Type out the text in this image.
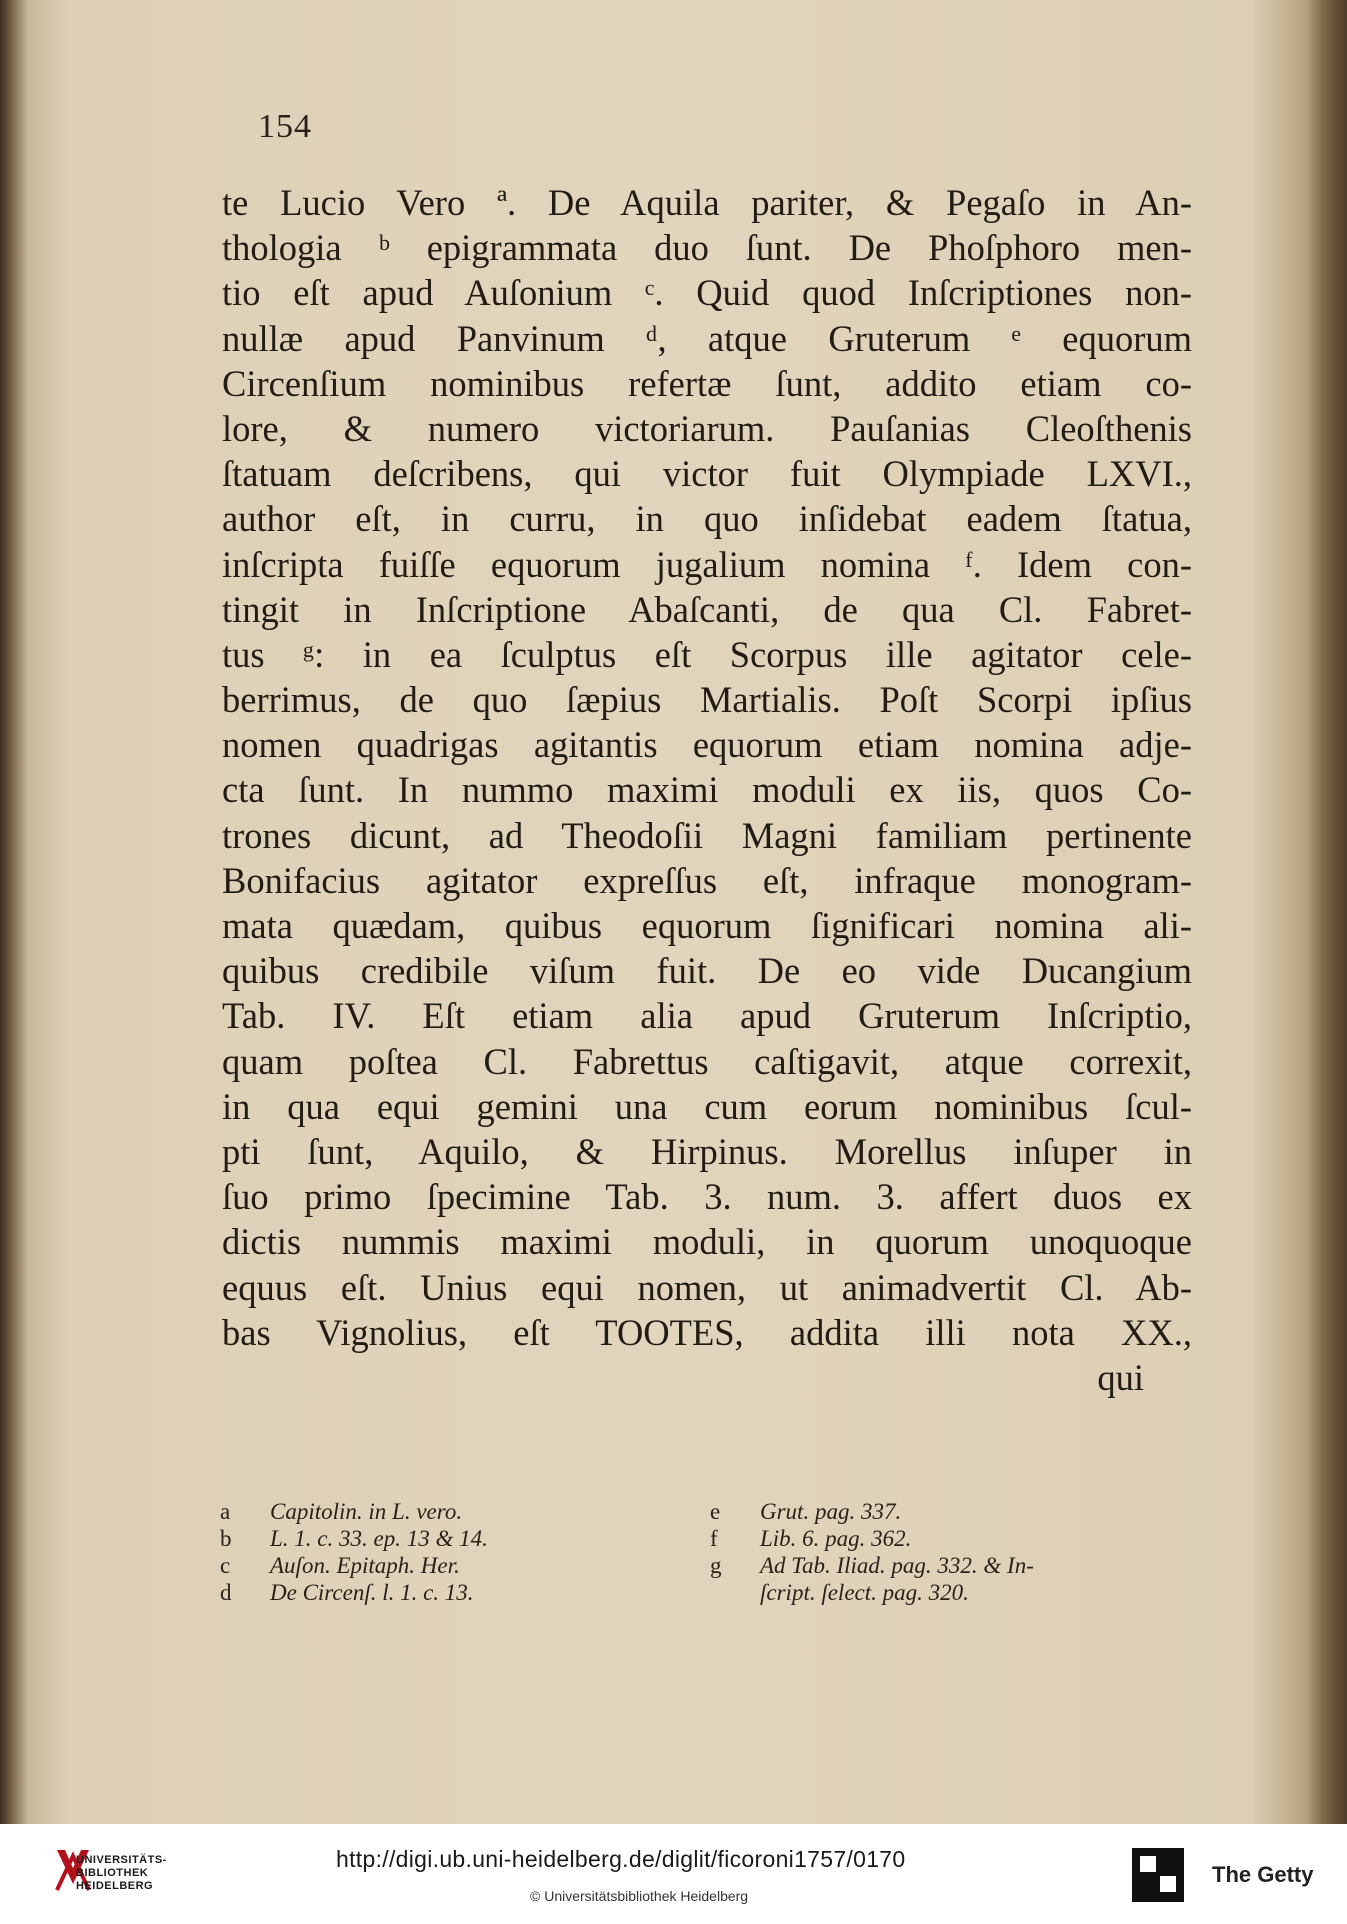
154
te Lucio Vero ª. De Aquila pariter, & Pegaſo in An-
thologia ᵇ epigrammata duo ſunt. De Phoſphoro men-
tio eſt apud Auſonium ᶜ. Quid quod Inſcriptiones non-
nullæ apud Panvinum ᵈ, atque Gruterum ᵉ equorum
Circenſium nominibus refertæ ſunt, addito etiam co-
lore, & numero victoriarum. Pauſanias Cleoſthenis
ſtatuam deſcribens, qui victor fuit Olympiade LXVI.,
author eſt, in curru, in quo inſidebat eadem ſtatua,
inſcripta fuiſſe equorum jugalium nomina ᶠ. Idem con-
tingit in Inſcriptione Abaſcanti, de qua Cl. Fabret-
tus ᵍ: in ea ſculptus eſt Scorpus ille agitator cele-
berrimus, de quo ſæpius Martialis. Poſt Scorpi ipſius
nomen quadrigas agitantis equorum etiam nomina adje-
cta ſunt. In nummo maximi moduli ex iis, quos Co-
trones dicunt, ad Theodoſii Magni familiam pertinente
Bonifacius agitator expreſſus eſt, infraque monogram-
mata quædam, quibus equorum ſignificari nomina ali-
quibus credibile viſum fuit. De eo vide Ducangium
Tab. IV. Eſt etiam alia apud Gruterum Inſcriptio,
quam poſtea Cl. Fabrettus caſtigavit, atque correxit,
in qua equi gemini una cum eorum nominibus ſcul-
pti ſunt, Aquilo, & Hirpinus. Morellus inſuper in
ſuo primo ſpecimine Tab. 3. num. 3. affert duos ex
dictis nummis maximi moduli, in quorum unoquoque
equus eſt. Unius equi nomen, ut animadvertit Cl. Ab-
bas Vignolius, eſt TOOTES, addita illi nota XX.,
qui
a	Capitolin. in L. vero.
b	L. 1. c. 33. ep. 13 & 14.
c	Auſon. Epitaph. Her.
d	De Circenſ. l. 1. c. 13.
e	Grut. pag. 337.
f	Lib. 6. pag. 362.
g	Ad Tab. Iliad. pag. 332. & In-
ſcript. ſelect. pag. 320.
UNIVERSITÄTS-
BIBLIOTHEK
HEIDELBERG
http://digi.ub.uni-heidelberg.de/diglit/ficoroni1757/0170
© Universitätsbibliothek Heidelberg
The Getty
